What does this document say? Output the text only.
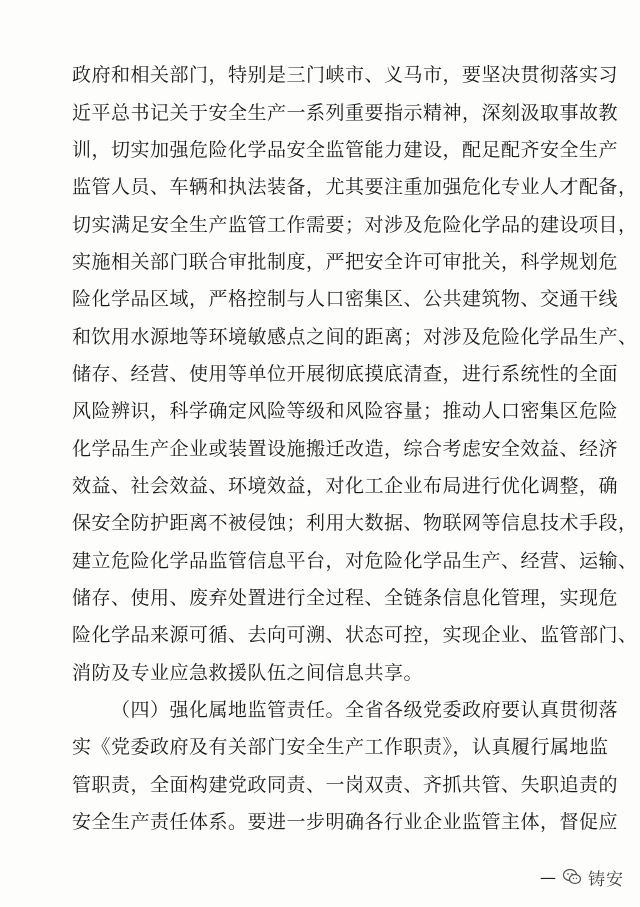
政府和相关部门，特别是三门峡市、义马市，要坚决贯彻落实习
近平总书记关于安全生产一系列重要指示精神，深刻汲取事故教
训，切实加强危险化学品安全监管能力建设，配足配齐安全生产
监管人员、车辆和执法装备，尤其要注重加强危化专业人才配备，
切实满足安全生产监管工作需要；对涉及危险化学品的建设项目，
实施相关部门联合审批制度，严把安全许可审批关，科学规划危
险化学品区域，严格控制与人口密集区、公共建筑物、交通干线
和饮用水源地等环境敏感点之间的距离；对涉及危险化学品生产、
储存、经营、使用等单位开展彻底摸底清查，进行系统性的全面
风险辨识，科学确定风险等级和风险容量；推动人口密集区危险
化学品生产企业或装置设施搬迁改造，综合考虑安全效益、经济
效益、社会效益、环境效益，对化工企业布局进行优化调整，确
保安全防护距离不被侵蚀；利用大数据、物联网等信息技术手段，
建立危险化学品监管信息平台，对危险化学品生产、经营、运输、
储存、使用、废弃处置进行全过程、全链条信息化管理，实现危
险化学品来源可循、去向可溯、状态可控，实现企业、监管部门、
消防及专业应急救援队伍之间信息共享。
（四）强化属地监管责任。全省各级党委政府要认真贯彻落
实《党委政府及有关部门安全生产工作职责》，认真履行属地监
管职责，全面构建党政同责、一岗双责、齐抓共管、失职追责的
安全生产责任体系。要进一步明确各行业企业监管主体，督促应
— 铸安
